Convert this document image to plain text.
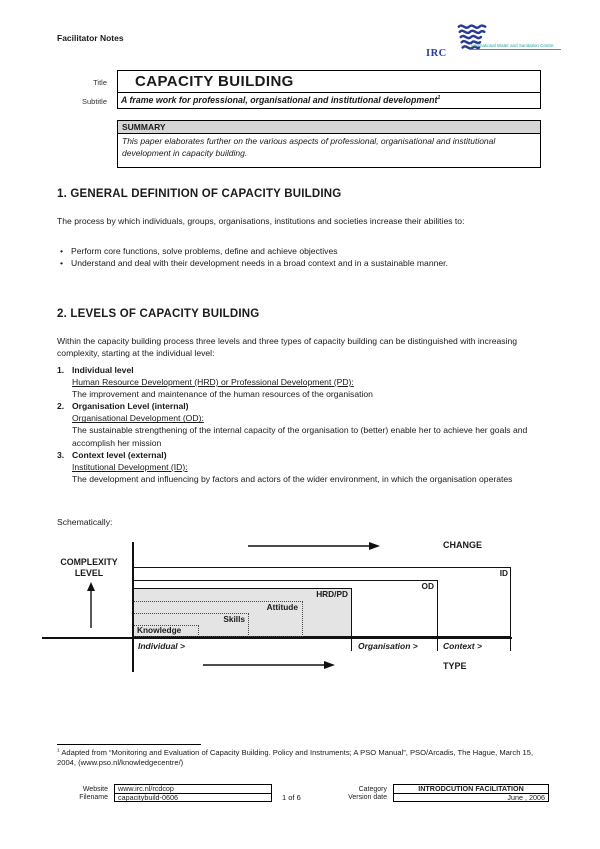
Facilitator Notes
IRC
International Water and Sanitation Centre
Title	CAPACITY BUILDING
Subtitle	A frame work for professional, organisational and institutional development$^1$
SUMMARY
This paper elaborates further on the various aspects of professional, organisational and institutional development in capacity building.
1. GENERAL DEFINITION OF CAPACITY BUILDING
The process by which individuals, groups, organisations, institutions and societies increase their abilities to:
• Perform core functions, solve problems, define and achieve objectives
• Understand and deal with their development needs in a broad context and in a sustainable manner.
2. LEVELS OF CAPACITY BUILDING
Within the capacity building process three levels and three types of capacity building can be distinguished with increasing complexity, starting at the individual level:
1. Individual level
Human Resource Development (HRD) or Professional Development (PD):
The improvement and maintenance of the human resources of the organisation
2. Organisation Level (internal)
Organisational Development (OD):
The sustainable strengthening of the internal capacity of the organisation to (better) enable her to achieve her goals and accomplish her mission
3. Context level (external)
Institutional Development (ID):
The development and influencing by factors and actors of the wider environment, in which the organisation operates
Schematically:
COMPLEXITY
LEVEL
CHANGE
ID
OD
HRD/PD
Attitude
Skills
Knowledge
Individual >	Organisation >	Context >
TYPE
$^1$ Adapted from “Monitoring and Evaluation of Capacity Building. Policy and Instruments; A PSO Manual”, PSO/Arcadis, The Hague, March 15, 2004, (www.pso.nl/knowledgecentre/)
Website	www.irc.nl/rcdcop
Filename	capacitybuild-0606	1 of 6
Category	INTRODCUTION FACILITATION
Version date	June , 2006
